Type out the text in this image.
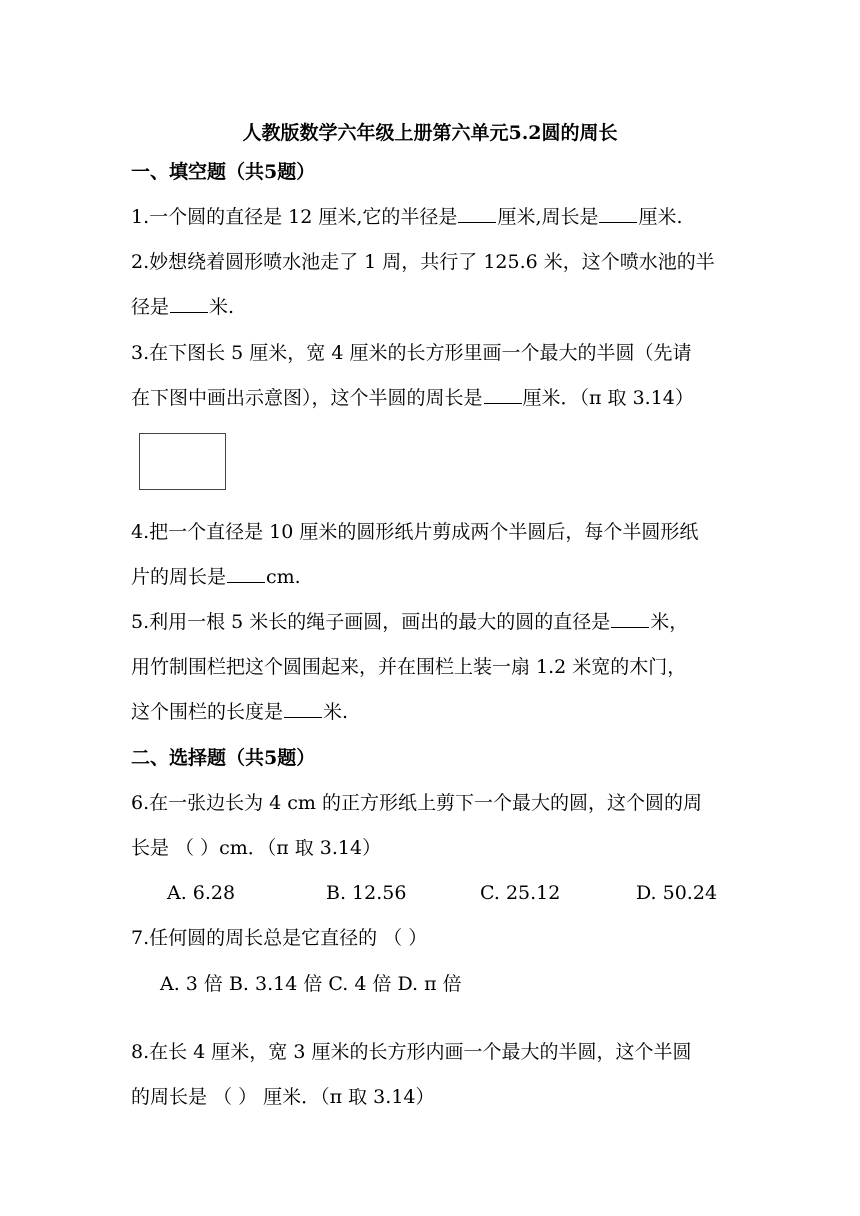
人教版数学六年级上册第六单元5.2圆的周长
一、填空题（共5题）
1.一个圆的直径是 12 厘米,它的半径是 厘米,周长是 厘米.
2.妙想绕着圆形喷水池走了 1 周，共行了 125.6 米，这个喷水池的半
径是 米.
3.在下图长 5 厘米，宽 4 厘米的长方形里画一个最大的半圆（先请
在下图中画出示意图），这个半圆的周长是 厘米．（π 取 3.14）
4.把一个直径是 10 厘米的圆形纸片剪成两个半圆后，每个半圆形纸
片的周长是 cm.
5.利用一根 5 米长的绳子画圆，画出的最大的圆的直径是 米，
用竹制围栏把这个圆围起来，并在围栏上装一扇 1.2 米宽的木门，
这个围栏的长度是 米.
二、选择题（共5题）
6.在一张边长为 4 cm 的正方形纸上剪下一个最大的圆，这个圆的周
长是 （ ）cm．（π 取 3.14）
A. 6.28	B. 12.56	C. 25.12	D. 50.24
7.任何圆的周长总是它直径的 （ ）
A. 3 倍 B. 3.14 倍 C. 4 倍 D. π 倍
8.在长 4 厘米，宽 3 厘米的长方形内画一个最大的半圆，这个半圆
的周长是 （ ） 厘米．（π 取 3.14）
